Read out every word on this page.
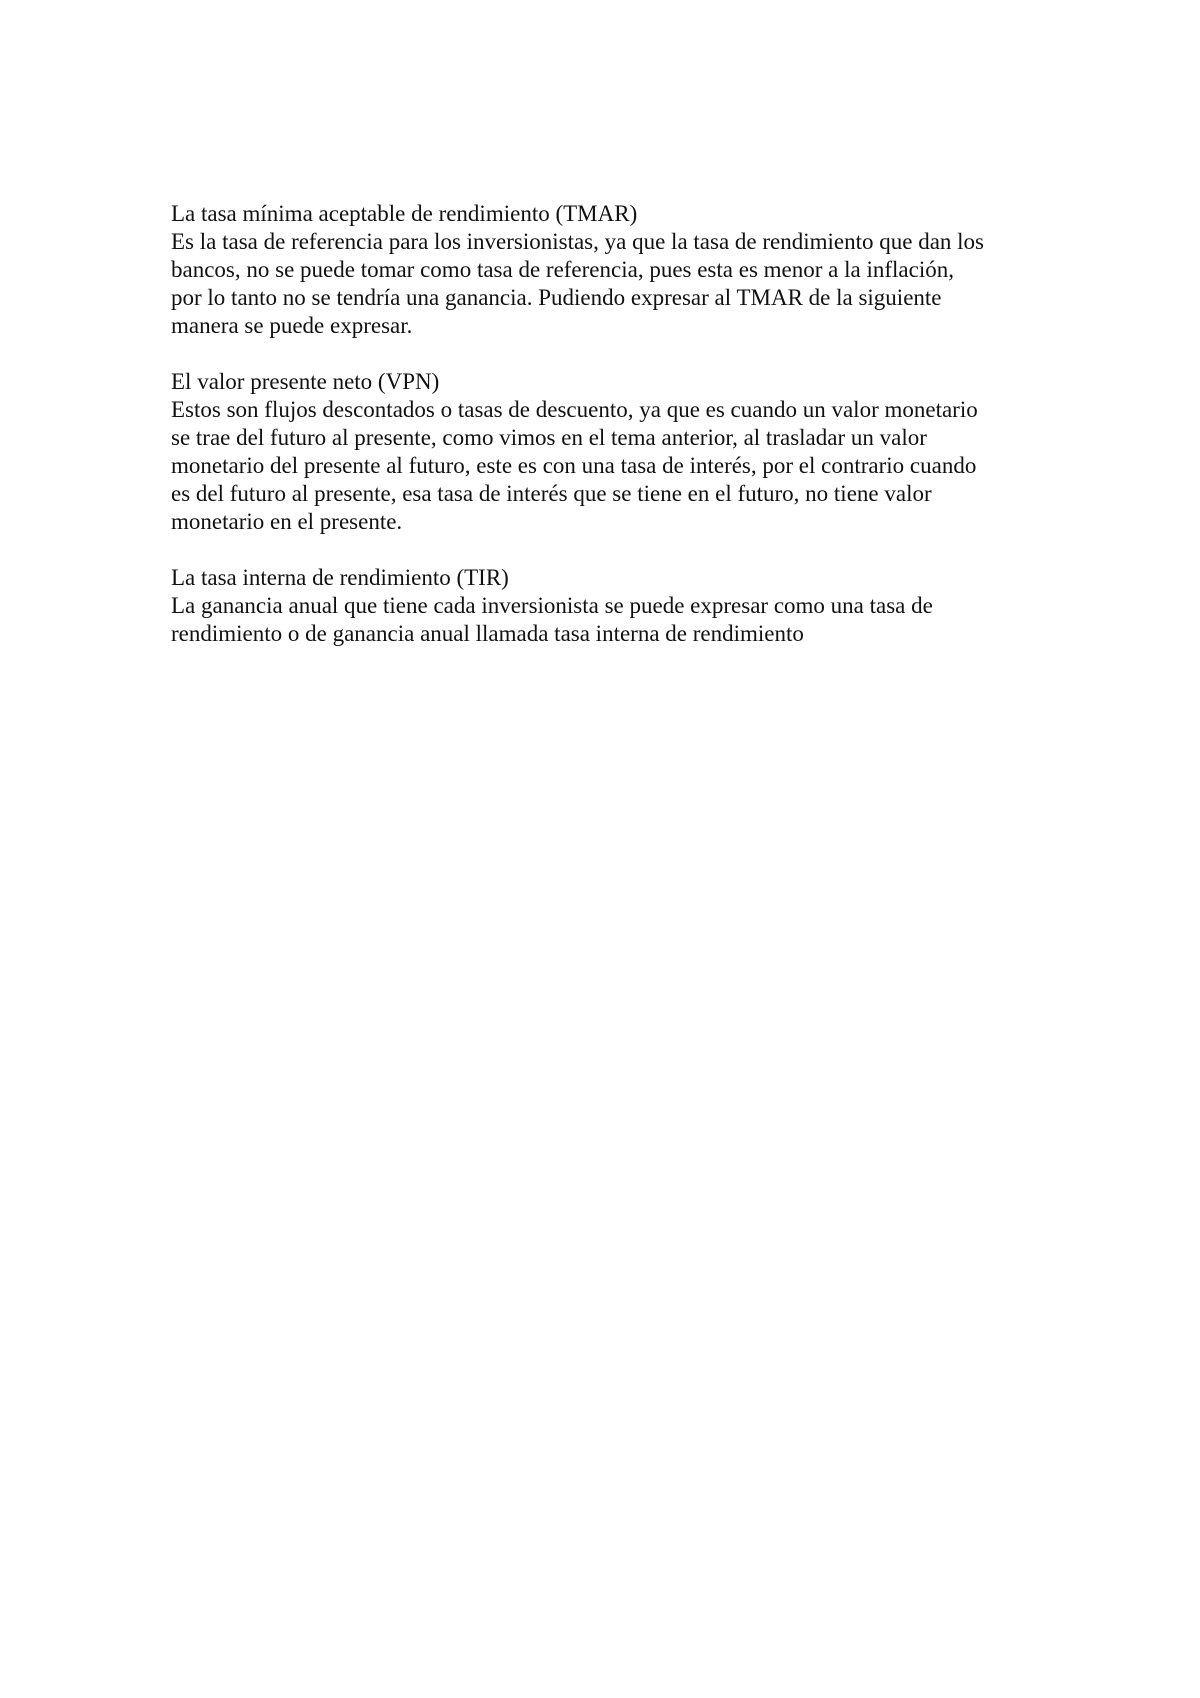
La tasa mínima aceptable de rendimiento (TMAR)
Es la tasa de referencia para los inversionistas, ya que la tasa de rendimiento que dan los
bancos, no se puede tomar como tasa de referencia, pues esta es menor a la inflación,
por lo tanto no se tendría una ganancia. Pudiendo expresar al TMAR de la siguiente
manera se puede expresar.

El valor presente neto (VPN)
Estos son flujos descontados o tasas de descuento, ya que es cuando un valor monetario
se trae del futuro al presente, como vimos en el tema anterior, al trasladar un valor
monetario del presente al futuro, este es con una tasa de interés, por el contrario cuando
es del futuro al presente, esa tasa de interés que se tiene en el futuro, no tiene valor
monetario en el presente.

La tasa interna de rendimiento (TIR)
La ganancia anual que tiene cada inversionista se puede expresar como una tasa de
rendimiento o de ganancia anual llamada tasa interna de rendimiento
